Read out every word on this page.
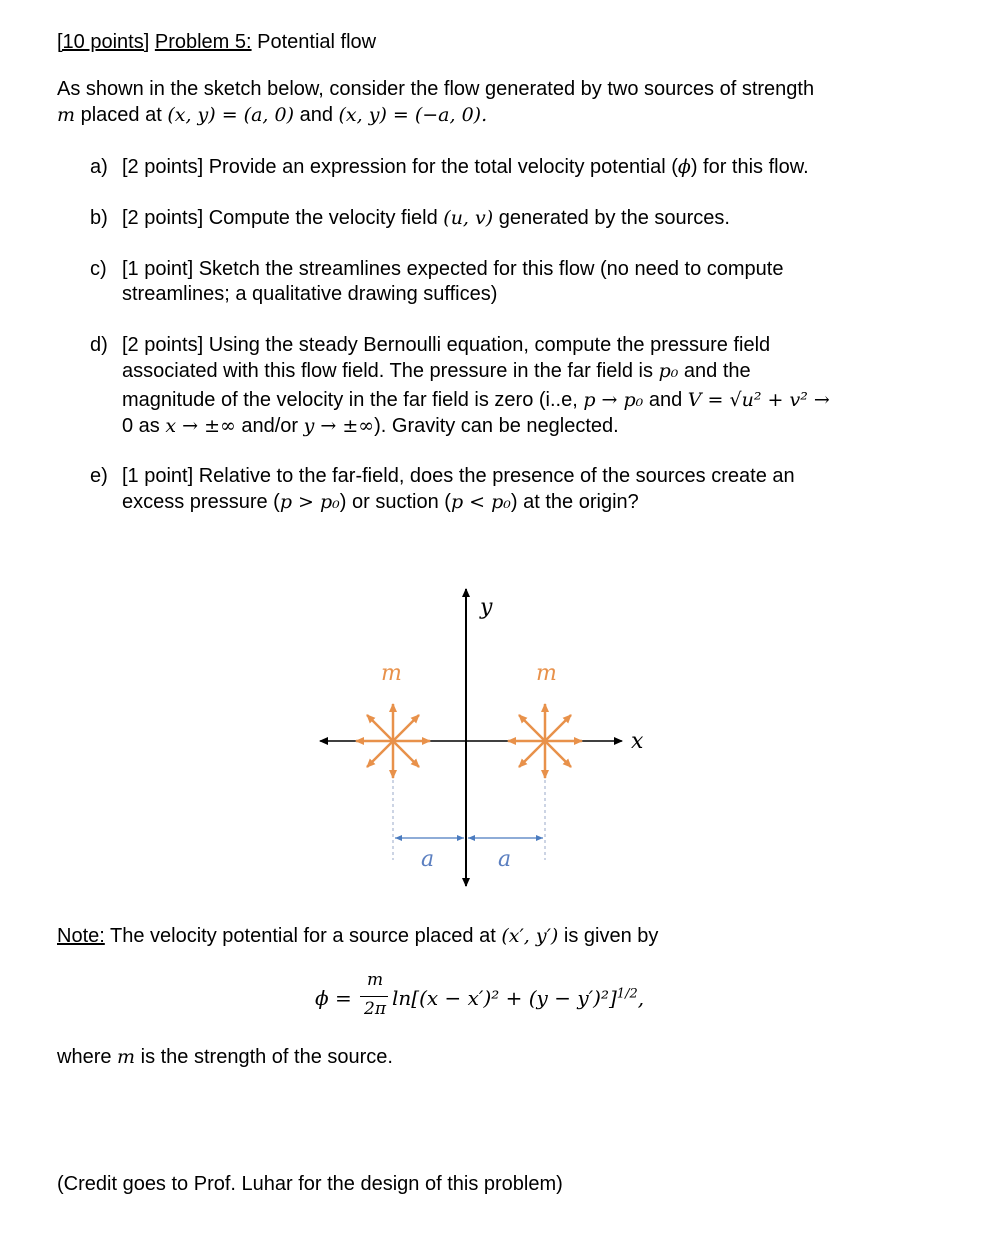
[10 points] Problem 5: Potential flow
As shown in the sketch below, consider the flow generated by two sources of strength
m placed at (x, y) = (a, 0) and (x, y) = (−a, 0).
a) [2 points] Provide an expression for the total velocity potential (ϕ) for this flow.
b) [2 points] Compute the velocity field (u, v) generated by the sources.
c) [1 point] Sketch the streamlines expected for this flow (no need to compute
streamlines; a qualitative drawing suffices)
d) [2 points] Using the steady Bernoulli equation, compute the pressure field
associated with this flow field. The pressure in the far field is p₀ and the
magnitude of the velocity in the far field is zero (i..e, p → p₀ and V = √u² + v² →
0 as x → ±∞ and/or y → ±∞). Gravity can be neglected.
e) [1 point] Relative to the far-field, does the presence of the sources create an
excess pressure (p > p₀) or suction (p < p₀) at the origin?
y
x
m	m
a	a
Note: The velocity potential for a source placed at (x′, y′) is given by
ϕ =
m
2π $\ln[(x - x')^2 + (y - y')^2]^{1/2}$,
where m is the strength of the source.
(Credit goes to Prof. Luhar for the design of this problem)
